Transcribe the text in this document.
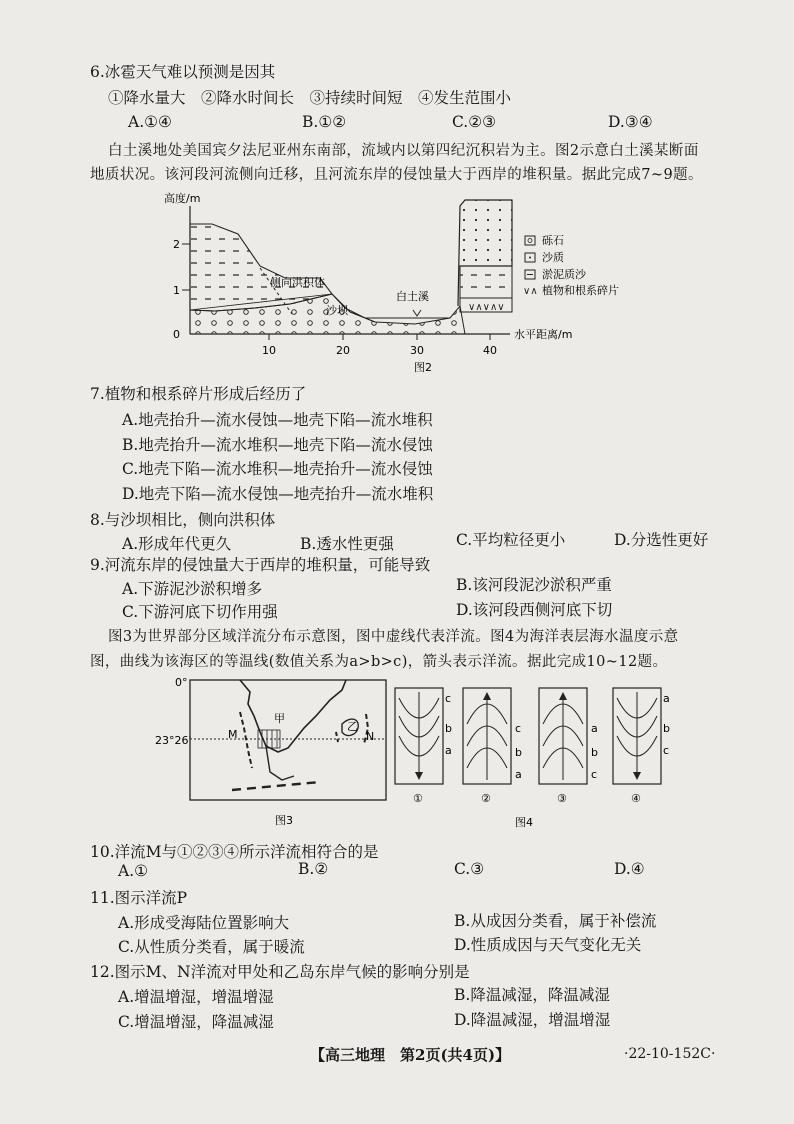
6.冰雹天气难以预测是因其
①降水量大　②降水时间长　③持续时间短　④发生范围小
A.①④	B.①②	C.②③	D.③④
白土溪地处美国宾夕法尼亚州东南部，流域内以第四纪沉积岩为主。图2示意白土溪某断面
地质状况。该河段河流侧向迁移，且河流东岸的侵蚀量大于西岸的堆积量。据此完成7~9题。
高度/m
0
1
2
10	20	30	40
水平距离/m
∨∧∨∧∨
侧向洪积体
沙坝
白土溪
砾石
沙质
淤泥质沙
∨∧ 植物和根系碎片
图2
7.植物和根系碎片形成后经历了
A.地壳抬升—流水侵蚀—地壳下陷—流水堆积
B.地壳抬升—流水堆积—地壳下陷—流水侵蚀
C.地壳下陷—流水堆积—地壳抬升—流水侵蚀
D.地壳下陷—流水侵蚀—地壳抬升—流水堆积
8.与沙坝相比，侧向洪积体
A.形成年代更久	B.透水性更强	C.平均粒径更小	D.分选性更好
9.河流东岸的侵蚀量大于西岸的堆积量，可能导致
A.下游泥沙淤积增多	B.该河段泥沙淤积严重
C.下游河底下切作用强	D.该河段西侧河底下切
图3为世界部分区域洋流分布示意图，图中虚线代表洋流。图4为海洋表层海水温度示意
图，曲线为该海区的等温线(数值关系为a>b>c)，箭头表示洋流。据此完成10~12题。
0°
23°26'
甲
乙
M	N
图3
c
b
a
①
c
b
a
②
a
b
c
③
a
b
c
④
图4
10.洋流M与①②③④所示洋流相符合的是
A.①	B.②	C.③	D.④
11.图示洋流P
A.形成受海陆位置影响大	B.从成因分类看，属于补偿流
C.从性质分类看，属于暖流	D.性质成因与天气变化无关
12.图示M、N洋流对甲处和乙岛东岸气候的影响分别是
A.增温增湿，增温增湿	B.降温减湿，降温减湿
C.增温增湿，降温减湿	D.降温减湿，增温增湿
【高三地理　第2页(共4页)】	·22-10-152C·
